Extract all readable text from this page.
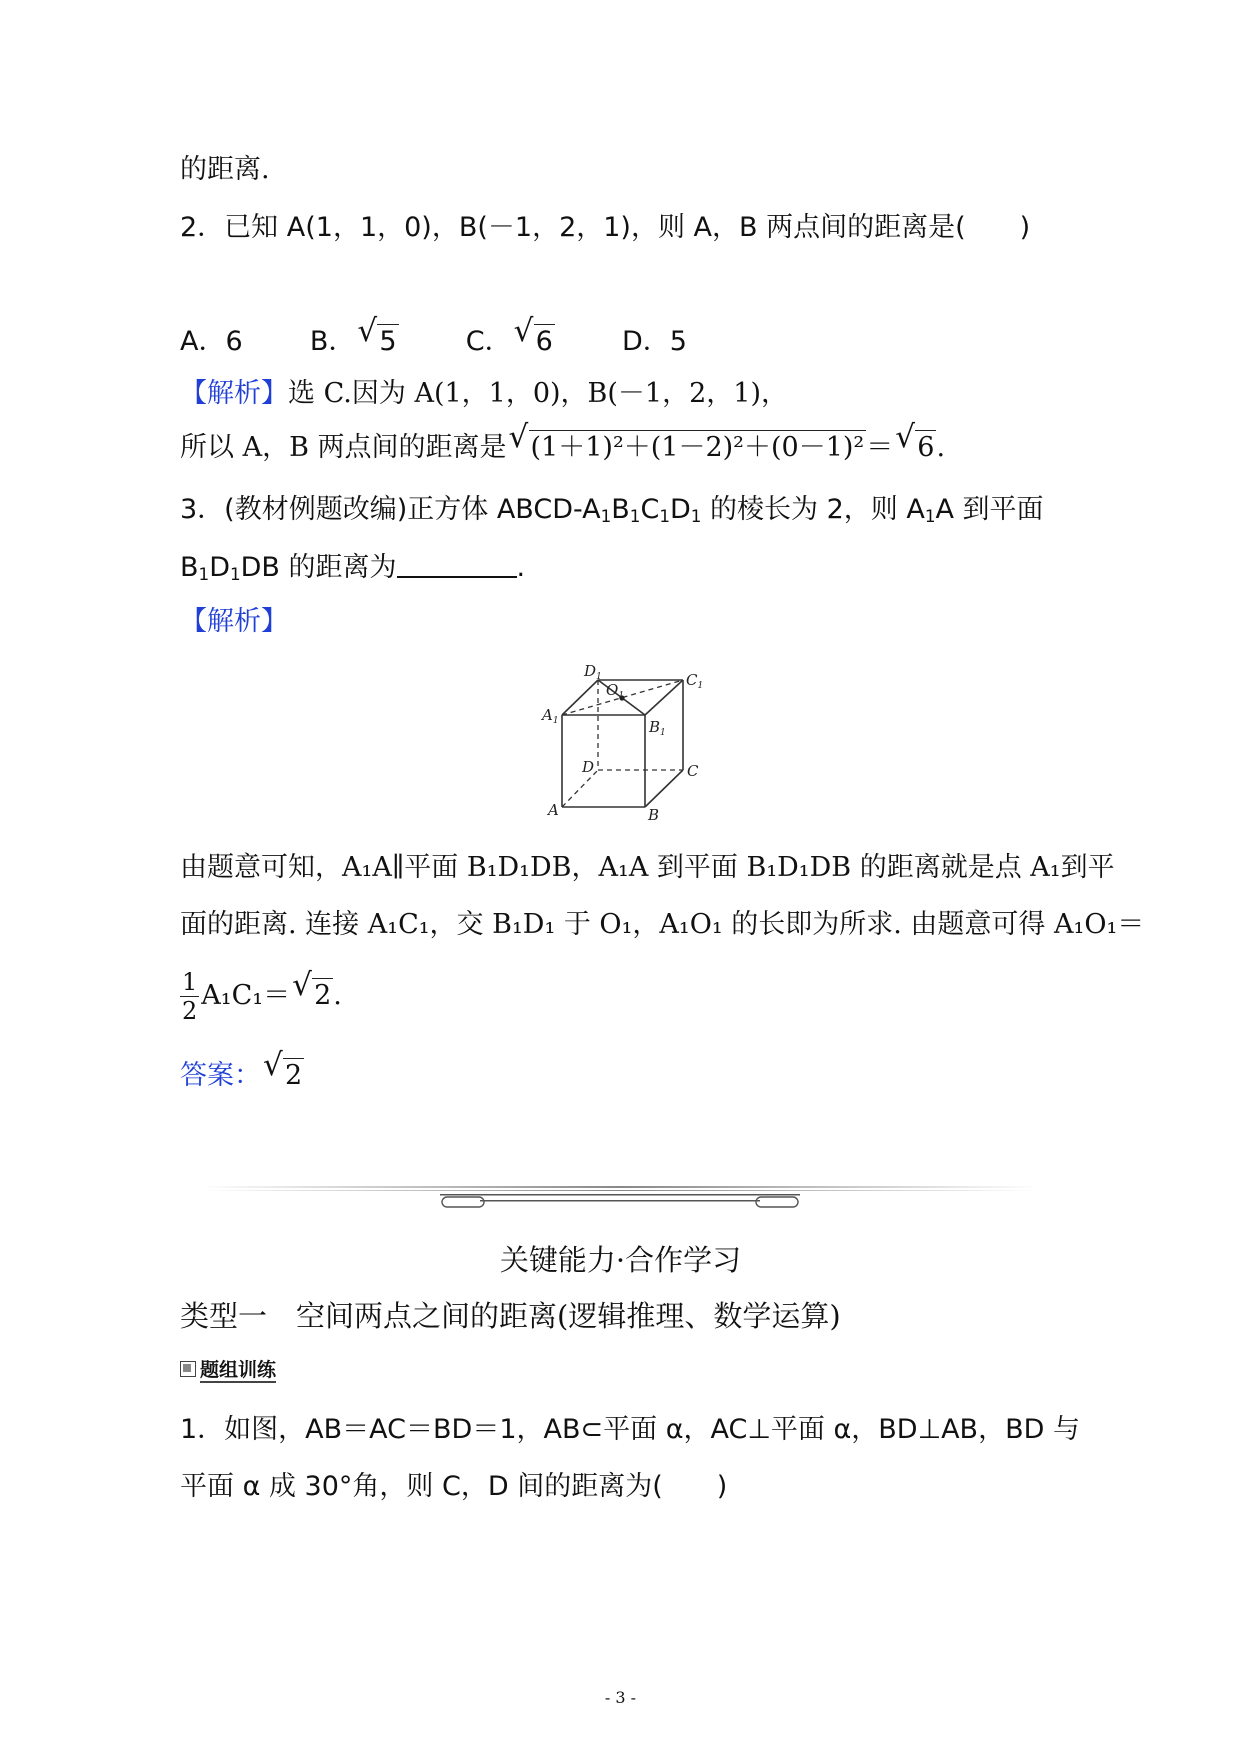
的距离.
2．已知 A(1，1，0)，B(－1，2，1)，则 A，B 两点间的距离是(　　)
A．6 B． √ 5	C． √ 6	D．5
【解析】选 C.因为 A(1，1，0)，B(－1，2，1)，
所以 A，B 两点间的距离是 √ (1＋1)²＋(1－2)²＋(0－1)²＝ √ 6.
3．(教材例题改编)正方体 ABCD-$A_1B_1C_1D_1$ 的棱长为 2，则 $A_1A$ 到平面
$B_1D_1DB$ 的距离为	.
【解析】
$D_1$	$C_1$
$O_1$
$A_1$	$B_1$
D	C
A	B
由题意可知，A₁A∥平面 B₁D₁DB，A₁A 到平面 B₁D₁DB 的距离就是点 A₁到平
面的距离. 连接 A₁C₁，交 B₁D₁ 于 O₁，A₁O₁ 的长即为所求. 由题意可得 A₁O₁＝
$\frac{1}{2} A_1C_1=$ √ 2.
答案： √ 2
关键能力·合作学习
类型一　空间两点之间的距离(逻辑推理、数学运算)
题组训练
1．如图，AB＝AC＝BD＝1，AB⊂平面 α，AC⊥平面 α，BD⊥AB，BD 与
平面 α 成 30°角，则 C，D 间的距离为(　　)
- 3 -
